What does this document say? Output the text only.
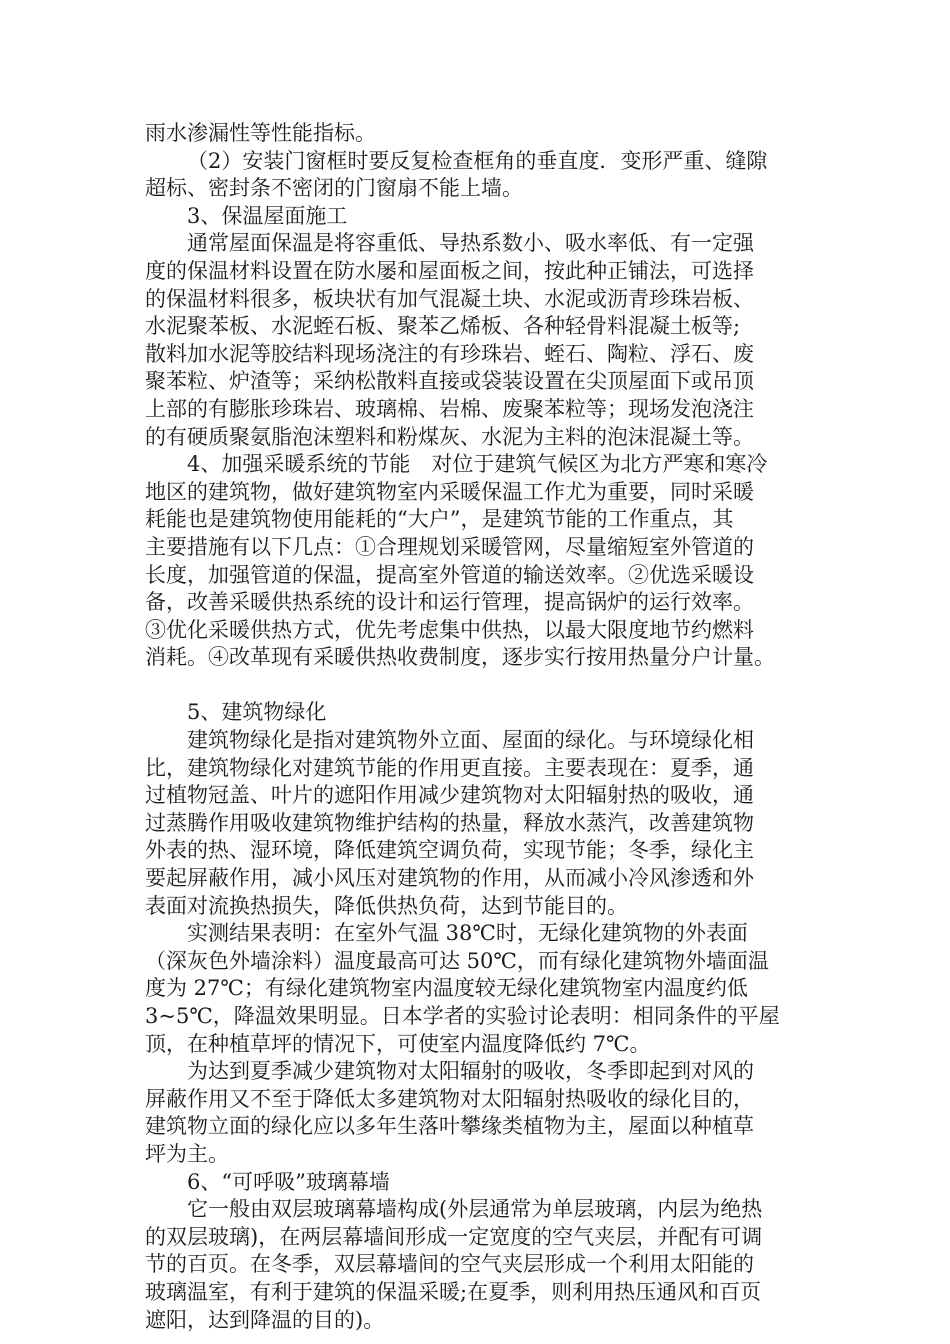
雨水渗漏性等性能指标。
（2）安装门窗框时要反复检查框角的垂直度．变形严重、缝隙
超标、密封条不密闭的门窗扇不能上墙。
3、保温屋面施工
通常屋面保温是将容重低、导热系数小、吸水率低、有一定强
度的保温材料设置在防水屡和屋面板之间，按此种正铺法，可选择
的保温材料很多，板块状有加气混凝土块、水泥或沥青珍珠岩板、
水泥聚苯板、水泥蛭石板、聚苯乙烯板、各种轻骨料混凝土板等;
散料加水泥等胶结料现场浇注的有珍珠岩、蛭石、陶粒、浮石、废
聚苯粒、炉渣等；采纳松散料直接或袋装设置在尖顶屋面下或吊顶
上部的有膨胀珍珠岩、玻璃棉、岩棉、废聚苯粒等；现场发泡浇注
的有硬质聚氨脂泡沫塑料和粉煤灰、水泥为主料的泡沫混凝土等。
4、加强采暖系统的节能　对位于建筑气候区为北方严寒和寒冷
地区的建筑物，做好建筑物室内采暖保温工作尤为重要，同时采暖
耗能也是建筑物使用能耗的“大户”，是建筑节能的工作重点，其
主要措施有以下几点：①合理规划采暖管网，尽量缩短室外管道的
长度，加强管道的保温，提高室外管道的输送效率。②优选采暖设
备，改善采暖供热系统的设计和运行管理，提高锅炉的运行效率。
③优化采暖供热方式，优先考虑集中供热，以最大限度地节约燃料
消耗。④改革现有采暖供热收费制度，逐步实行按用热量分户计量。
5、建筑物绿化
建筑物绿化是指对建筑物外立面、屋面的绿化。与环境绿化相
比，建筑物绿化对建筑节能的作用更直接。主要表现在：夏季，通
过植物冠盖、叶片的遮阳作用减少建筑物对太阳辐射热的吸收，通
过蒸腾作用吸收建筑物维护结构的热量，释放水蒸汽，改善建筑物
外表的热、湿环境，降低建筑空调负荷，实现节能；冬季，绿化主
要起屏蔽作用，减小风压对建筑物的作用，从而减小冷风渗透和外
表面对流换热损失，降低供热负荷，达到节能目的。
实测结果表明：在室外气温 38℃时，无绿化建筑物的外表面
（深灰色外墙涂料）温度最高可达 50℃，而有绿化建筑物外墙面温
度为 27℃；有绿化建筑物室内温度较无绿化建筑物室内温度约低
3~5℃，降温效果明显。日本学者的实验讨论表明：相同条件的平屋
顶，在种植草坪的情况下，可使室内温度降低约 7℃。
为达到夏季减少建筑物对太阳辐射的吸收，冬季即起到对风的
屏蔽作用又不至于降低太多建筑物对太阳辐射热吸收的绿化目的，
建筑物立面的绿化应以多年生落叶攀缘类植物为主，屋面以种植草
坪为主。
6、“可呼吸”玻璃幕墙
它一般由双层玻璃幕墙构成(外层通常为单层玻璃，内层为绝热
的双层玻璃)，在两层幕墙间形成一定宽度的空气夹层，并配有可调
节的百页。在冬季，双层幕墙间的空气夹层形成一个利用太阳能的
玻璃温室，有利于建筑的保温采暖;在夏季，则利用热压通风和百页
遮阳，达到降温的目的)。
